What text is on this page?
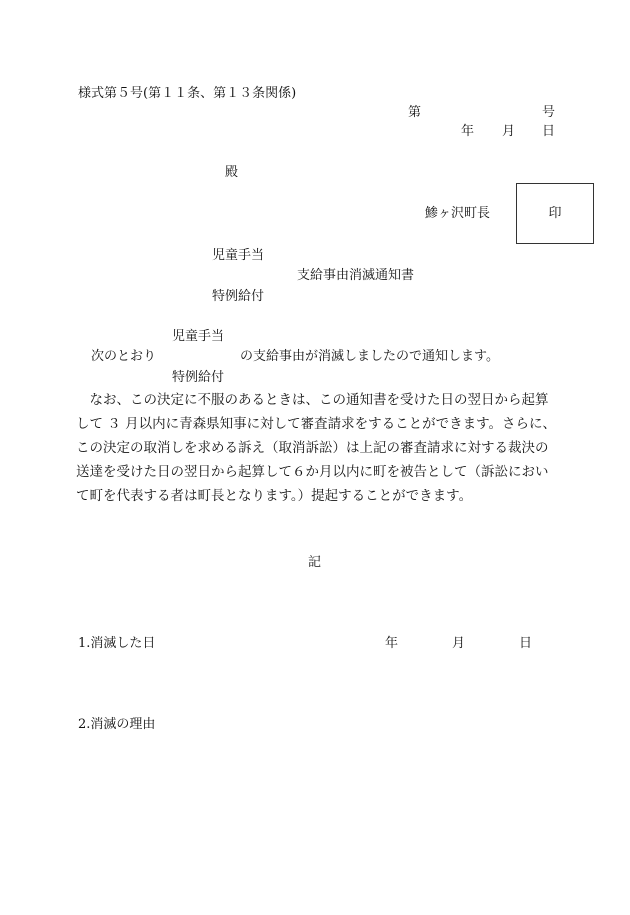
様式第５号(第１１条、第１３条関係)
第	号
年 月 日
殿
鯵ヶ沢町長	印
児童手当
支給事由消滅通知書
特例給付
児童手当
次のとおり	の支給事由が消滅しましたので通知します。
特例給付
　なお、この決定に不服のあるときは、この通知書を受けた日の翌日から起算して ３ 月以内に青森県知事に対して審査請求をすることができます。さらに、この決定の取消しを求める訴え（取消訴訟）は上記の審査請求に対する裁決の送達を受けた日の翌日から起算して６か月以内に町を被告として（訴訟において町を代表する者は町長となります。）提起することができます。
記
1.消滅した日	年	月	日
2.消滅の理由
